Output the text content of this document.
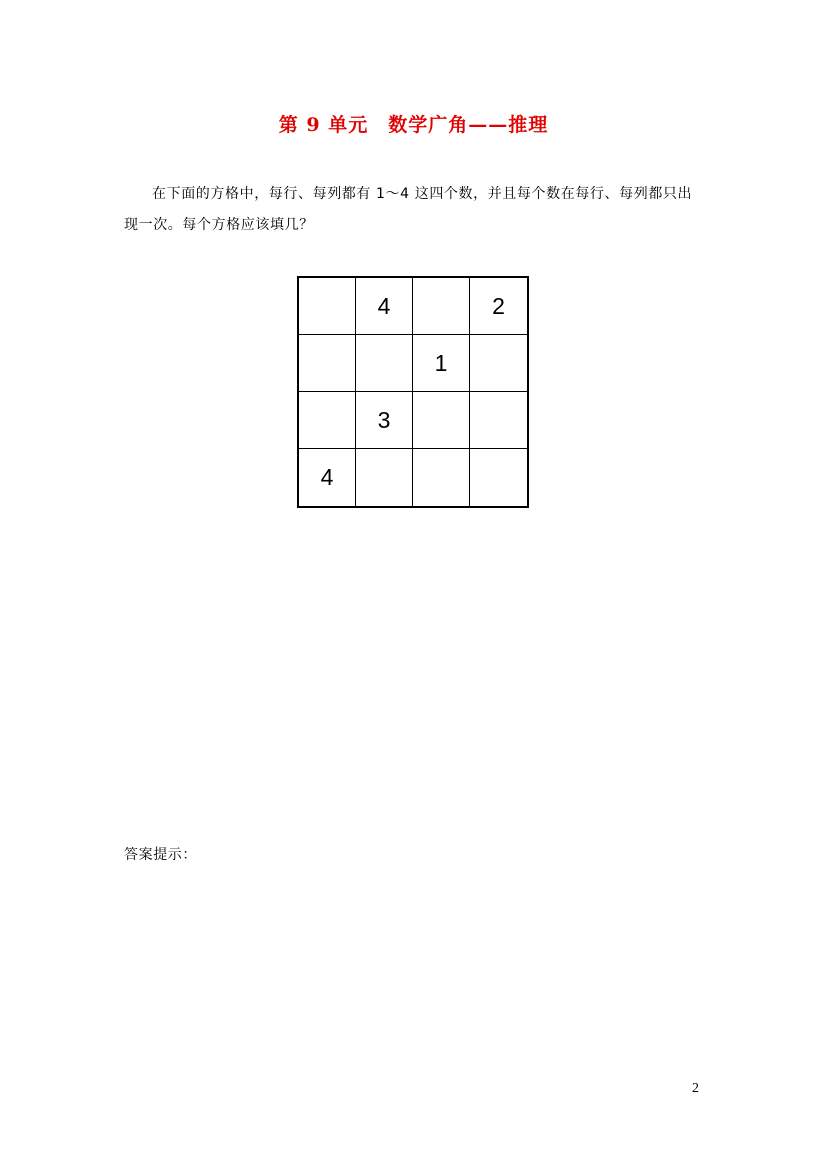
第 9 单元　数学广角——推理
在下面的方格中，每行、每列都有 1～4 这四个数，并且每个数在每行、每列都只出现一次。每个方格应该填几？
4	2
1
3
4
答案提示：
2
